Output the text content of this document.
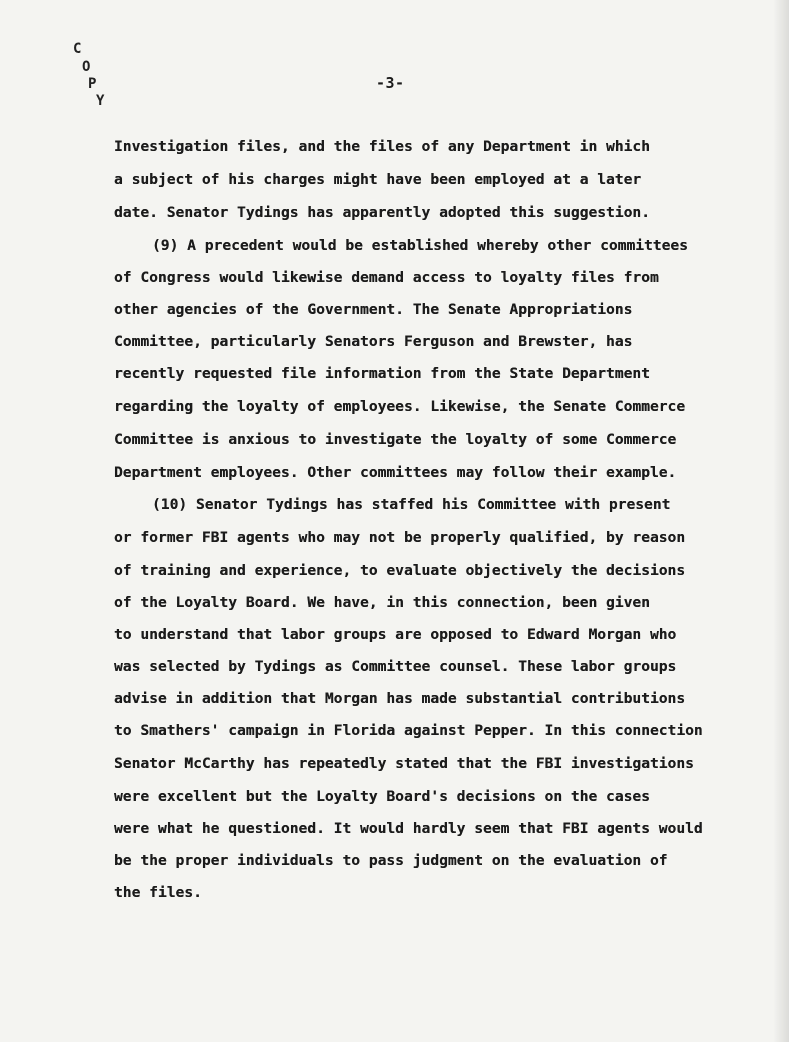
C
O
P
Y
-3-
Investigation files, and the files of any Department in which
a subject of his charges might have been employed at a later
date. Senator Tydings has apparently adopted this suggestion.
(9) A precedent would be established whereby other committees
of Congress would likewise demand access to loyalty files from
other agencies of the Government. The Senate Appropriations
Committee, particularly Senators Ferguson and Brewster, has
recently requested file information from the State Department
regarding the loyalty of employees. Likewise, the Senate Commerce
Committee is anxious to investigate the loyalty of some Commerce
Department employees. Other committees may follow their example.
(10) Senator Tydings has staffed his Committee with present
or former FBI agents who may not be properly qualified, by reason
of training and experience, to evaluate objectively the decisions
of the Loyalty Board. We have, in this connection, been given
to understand that labor groups are opposed to Edward Morgan who
was selected by Tydings as Committee counsel. These labor groups
advise in addition that Morgan has made substantial contributions
to Smathers' campaign in Florida against Pepper. In this connection
Senator McCarthy has repeatedly stated that the FBI investigations
were excellent but the Loyalty Board's decisions on the cases
were what he questioned. It would hardly seem that FBI agents would
be the proper individuals to pass judgment on the evaluation of
the files.
